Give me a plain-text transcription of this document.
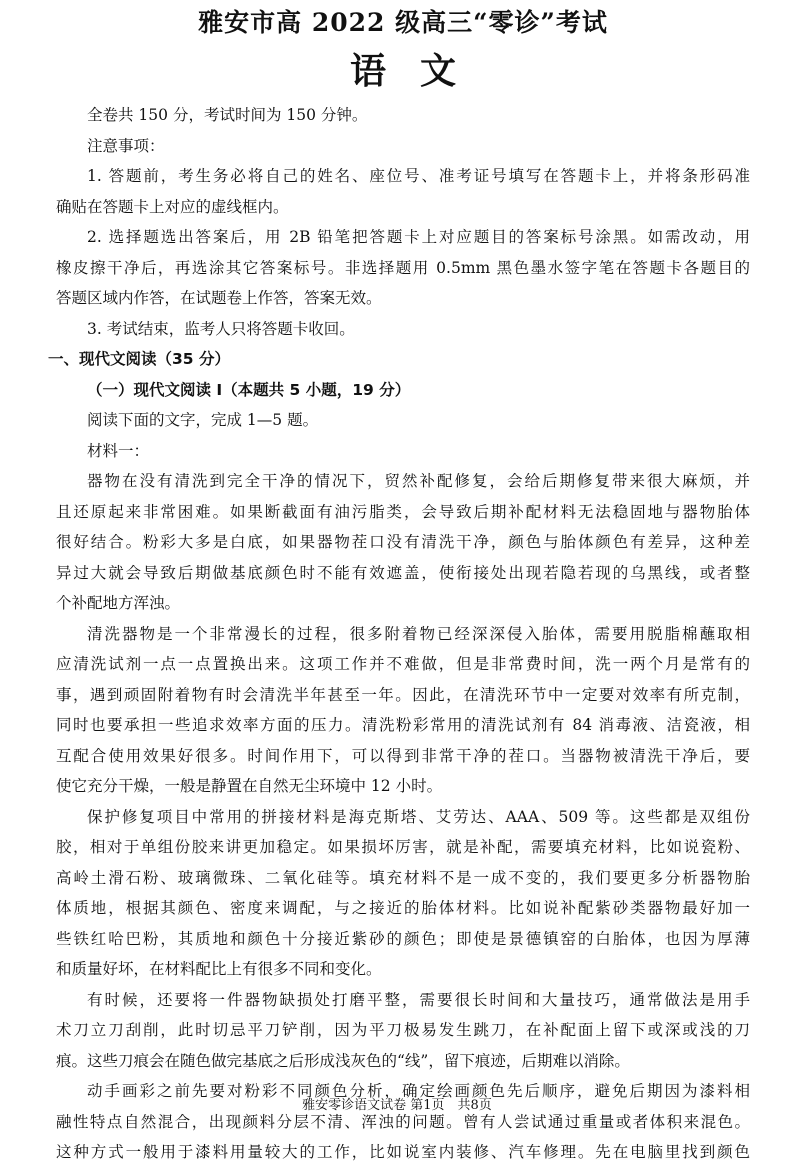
雅安市高 2022 级高三“零诊”考试
语文

全卷共 150 分，考试时间为 150 分钟。

注意事项：

1. 答题前，考生务必将自己的姓名、座位号、准考证号填写在答题卡上，并将条形码准

确贴在答题卡上对应的虚线框内。

2. 选择题选出答案后，用 2B 铅笔把答题卡上对应题目的答案标号涂黑。如需改动，用

橡皮擦干净后，再选涂其它答案标号。非选择题用 0.5mm 黑色墨水签字笔在答题卡各题目的

答题区域内作答，在试题卷上作答，答案无效。

3. 考试结束，监考人只将答题卡收回。

一、现代文阅读（35 分）

（一）现代文阅读 I（本题共 5 小题，19 分）

阅读下面的文字，完成 1—5 题。

材料一：

器物在没有清洗到完全干净的情况下，贸然补配修复，会给后期修复带来很大麻烦，并

且还原起来非常困难。如果断截面有油污脂类，会导致后期补配材料无法稳固地与器物胎体

很好结合。粉彩大多是白底，如果器物茬口没有清洗干净，颜色与胎体颜色有差异，这种差

异过大就会导致后期做基底颜色时不能有效遮盖，使衔接处出现若隐若现的乌黑线，或者整

个补配地方浑浊。

清洗器物是一个非常漫长的过程，很多附着物已经深深侵入胎体，需要用脱脂棉蘸取相

应清洗试剂一点一点置换出来。这项工作并不难做，但是非常费时间，洗一两个月是常有的

事，遇到顽固附着物有时会清洗半年甚至一年。因此，在清洗环节中一定要对效率有所克制，

同时也要承担一些追求效率方面的压力。清洗粉彩常用的清洗试剂有 84 消毒液、洁瓷液，相

互配合使用效果好很多。时间作用下，可以得到非常干净的茬口。当器物被清洗干净后，要

使它充分干燥，一般是静置在自然无尘环境中 12 小时。

保护修复项目中常用的拼接材料是海克斯塔、艾劳达、AAA、509 等。这些都是双组份

胶，相对于单组份胶来讲更加稳定。如果损坏厉害，就是补配，需要填充材料，比如说瓷粉、

高岭土滑石粉、玻璃微珠、二氧化硅等。填充材料不是一成不变的，我们要更多分析器物胎

体质地，根据其颜色、密度来调配，与之接近的胎体材料。比如说补配紫砂类器物最好加一

些铁红哈巴粉，其质地和颜色十分接近紫砂的颜色；即使是景德镇窑的白胎体，也因为厚薄

和质量好坏，在材料配比上有很多不同和变化。

有时候，还要将一件器物缺损处打磨平整，需要很长时间和大量技巧，通常做法是用手

术刀立刀刮削，此时切忌平刀铲削，因为平刀极易发生跳刀，在补配面上留下或深或浅的刀

痕。这些刀痕会在随色做完基底之后形成浅灰色的“线”，留下痕迹，后期难以消除。

动手画彩之前先要对粉彩不同颜色分析，确定绘画颜色先后顺序，避免后期因为漆料相

融性特点自然混合，出现颜料分层不清、浑浊的问题。曾有人尝试通过重量或者体积来混色。

这种方式一般用于漆料用量较大的工作，比如说室内装修、汽车修理。先在电脑里找到颜色

雅安零诊语文试卷 第1页　共8页
